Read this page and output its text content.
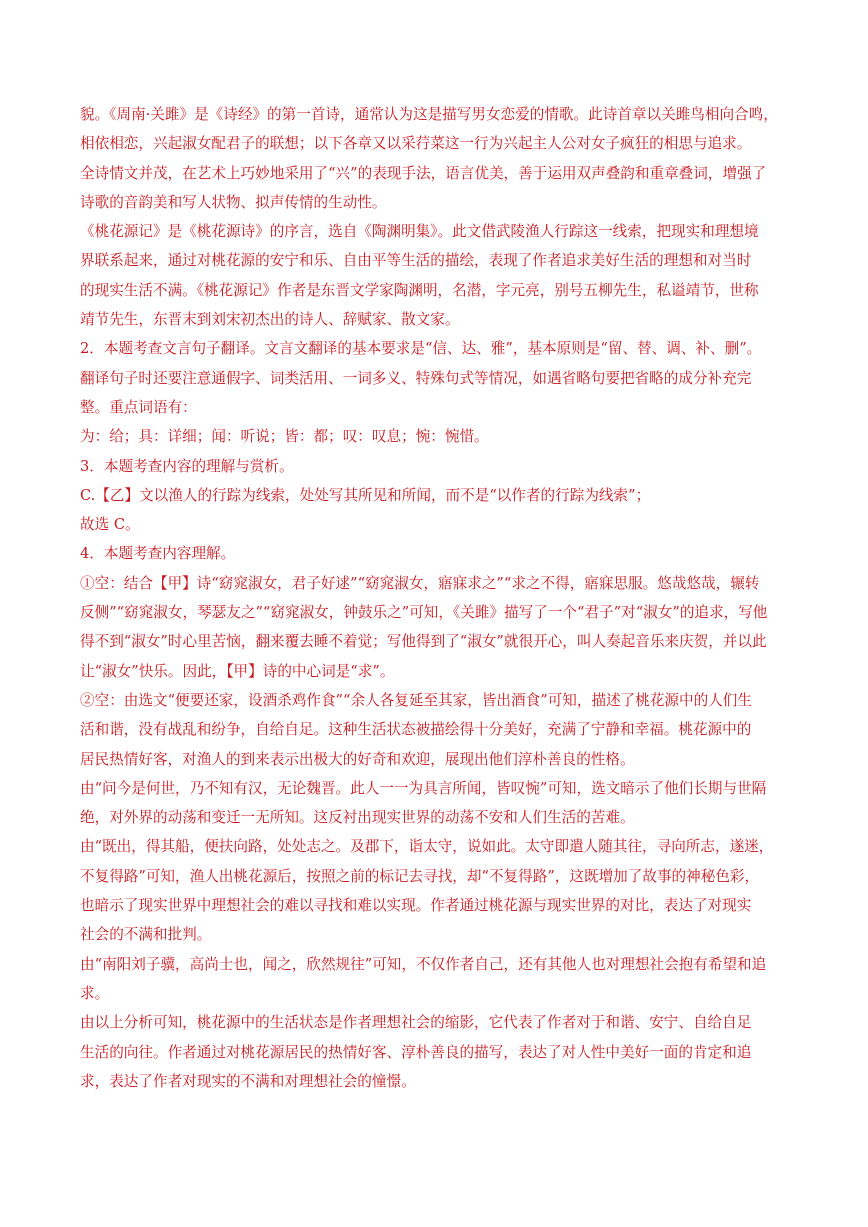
貌。《周南·关雎》是《诗经》的第一首诗，通常认为这是描写男女恋爱的情歌。此诗首章以关雎鸟相向合鸣，
相依相恋，兴起淑女配君子的联想；以下各章又以采荇菜这一行为兴起主人公对女子疯狂的相思与追求。
全诗情文并茂，在艺术上巧妙地采用了“兴”的表现手法，语言优美，善于运用双声叠韵和重章叠词，增强了
诗歌的音韵美和写人状物、拟声传情的生动性。
《桃花源记》是《桃花源诗》的序言，选自《陶渊明集》。此文借武陵渔人行踪这一线索，把现实和理想境
界联系起来，通过对桃花源的安宁和乐、自由平等生活的描绘，表现了作者追求美好生活的理想和对当时
的现实生活不满。《桃花源记》作者是东晋文学家陶渊明，名潜，字元亮，别号五柳先生，私谥靖节，世称
靖节先生，东晋末到刘宋初杰出的诗人、辞赋家、散文家。
2．本题考查文言句子翻译。文言文翻译的基本要求是“信、达、雅”，基本原则是“留、替、调、补、删”。
翻译句子时还要注意通假字、词类活用、一词多义、特殊句式等情况，如遇省略句要把省略的成分补充完
整。重点词语有：
为：给；具：详细；闻：听说；皆：都；叹：叹息；惋：惋惜。
3．本题考查内容的理解与赏析。
C.【乙】文以渔人的行踪为线索，处处写其所见和所闻，而不是“以作者的行踪为线索”；
故选 C。
4．本题考查内容理解。
①空：结合【甲】诗“窈窕淑女，君子好逑”“窈窕淑女，寤寐求之”“求之不得，寤寐思服。悠哉悠哉，辗转
反侧”“窈窕淑女，琴瑟友之”“窈窕淑女，钟鼓乐之”可知，《关雎》描写了一个“君子”对“淑女”的追求，写他
得不到“淑女”时心里苦恼，翻来覆去睡不着觉；写他得到了“淑女”就很开心，叫人奏起音乐来庆贺，并以此
让“淑女”快乐。因此，【甲】诗的中心词是“求”。
②空：由选文“便要还家，设酒杀鸡作食”“余人各复延至其家，皆出酒食”可知，描述了桃花源中的人们生
活和谐，没有战乱和纷争，自给自足。这种生活状态被描绘得十分美好，充满了宁静和幸福。桃花源中的
居民热情好客，对渔人的到来表示出极大的好奇和欢迎，展现出他们淳朴善良的性格。
由“问今是何世，乃不知有汉，无论魏晋。此人一一为具言所闻，皆叹惋”可知，选文暗示了他们长期与世隔
绝，对外界的动荡和变迁一无所知。这反衬出现实世界的动荡不安和人们生活的苦难。
由“既出，得其船，便扶向路，处处志之。及郡下，诣太守，说如此。太守即遣人随其往，寻向所志，遂迷，
不复得路”可知，渔人出桃花源后，按照之前的标记去寻找，却“不复得路”，这既增加了故事的神秘色彩，
也暗示了现实世界中理想社会的难以寻找和难以实现。作者通过桃花源与现实世界的对比，表达了对现实
社会的不满和批判。
由“南阳刘子骥，高尚士也，闻之，欣然规往”可知，不仅作者自己，还有其他人也对理想社会抱有希望和追
求。
由以上分析可知，桃花源中的生活状态是作者理想社会的缩影，它代表了作者对于和谐、安宁、自给自足
生活的向往。作者通过对桃花源居民的热情好客、淳朴善良的描写，表达了对人性中美好一面的肯定和追
求，表达了作者对现实的不满和对理想社会的憧憬。
